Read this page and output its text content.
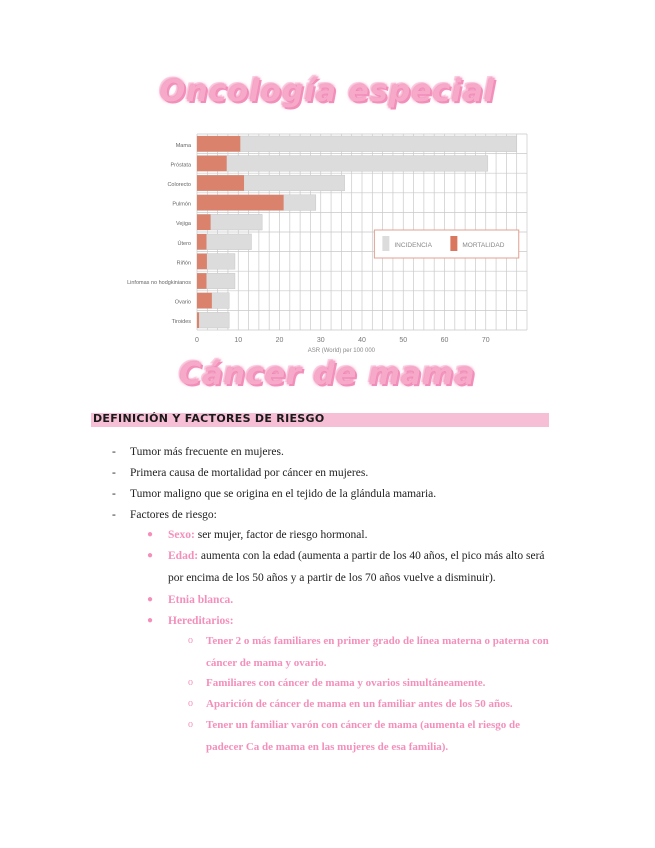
Oncología especial
Mama
Próstata
Colorecto
Pulmón
Vejiga
Útero
Riñón
Linfomas no hodgkinianos
Ovario
Tiroides
0	10	20	30	40	50	60	70
ASR (World) per 100 000
INCIDENCIA	MORTALIDAD
Cáncer de mama
DEFINICIÓN Y FACTORES DE RIESGO
- Tumor más frecuente en mujeres.
- Primera causa de mortalidad por cáncer en mujeres.
- Tumor maligno que se origina en el tejido de la glándula mamaria.
- Factores de riesgo:
● Sexo: ser mujer, factor de riesgo hormonal.
● Edad: aumenta con la edad (aumenta a partir de los 40 años, el pico más alto será por encima de los 50 años y a partir de los 70 años vuelve a disminuir).
● Etnia blanca.
● Hereditarios:
o Tener 2 o más familiares en primer grado de línea materna o paterna con cáncer de mama y ovario.
o Familiares con cáncer de mama y ovarios simultáneamente.
o Aparición de cáncer de mama en un familiar antes de los 50 años.
o Tener un familiar varón con cáncer de mama (aumenta el riesgo de padecer Ca de mama en las mujeres de esa familia).
